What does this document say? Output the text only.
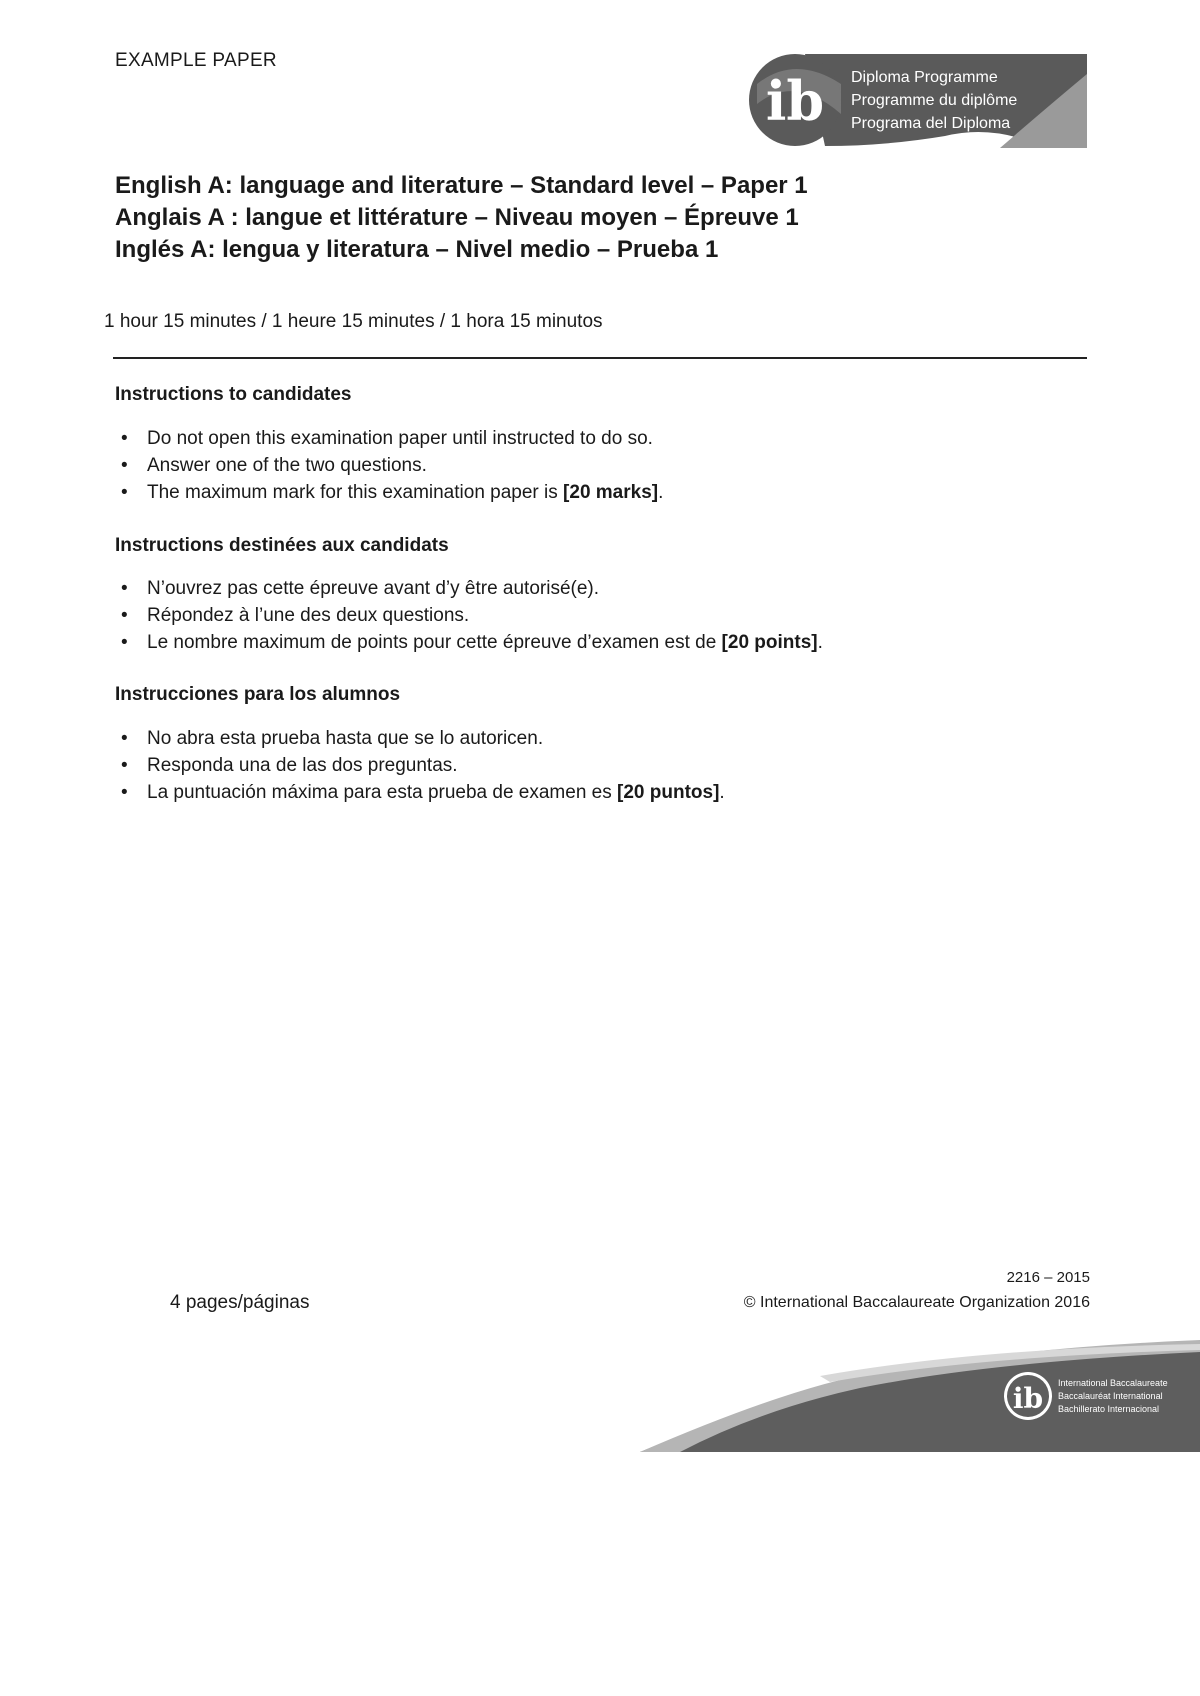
EXAMPLE PAPER
ib Diploma Programme
Programme du diplôme
Programa del Diploma
English A: language and literature – Standard level – Paper 1
Anglais A : langue et littérature – Niveau moyen – Épreuve 1
Inglés A: lengua y literatura – Nivel medio – Prueba 1
1 hour 15 minutes / 1 heure 15 minutes / 1 hora 15 minutos
Instructions to candidates
• Do not open this examination paper until instructed to do so.
• Answer one of the two questions.
• The maximum mark for this examination paper is [20 marks].
Instructions destinées aux candidats
• N’ouvrez pas cette épreuve avant d’y être autorisé(e).
• Répondez à l’une des deux questions.
• Le nombre maximum de points pour cette épreuve d’examen est de [20 points].
Instrucciones para los alumnos
• No abra esta prueba hasta que se lo autoricen.
• Responda una de las dos preguntas.
• La puntuación máxima para esta prueba de examen es [20 puntos].
4 pages/páginas
2216 – 2015
© International Baccalaureate Organization 2016
ib International Baccalaureate
Baccalauréat International
Bachillerato Internacional
